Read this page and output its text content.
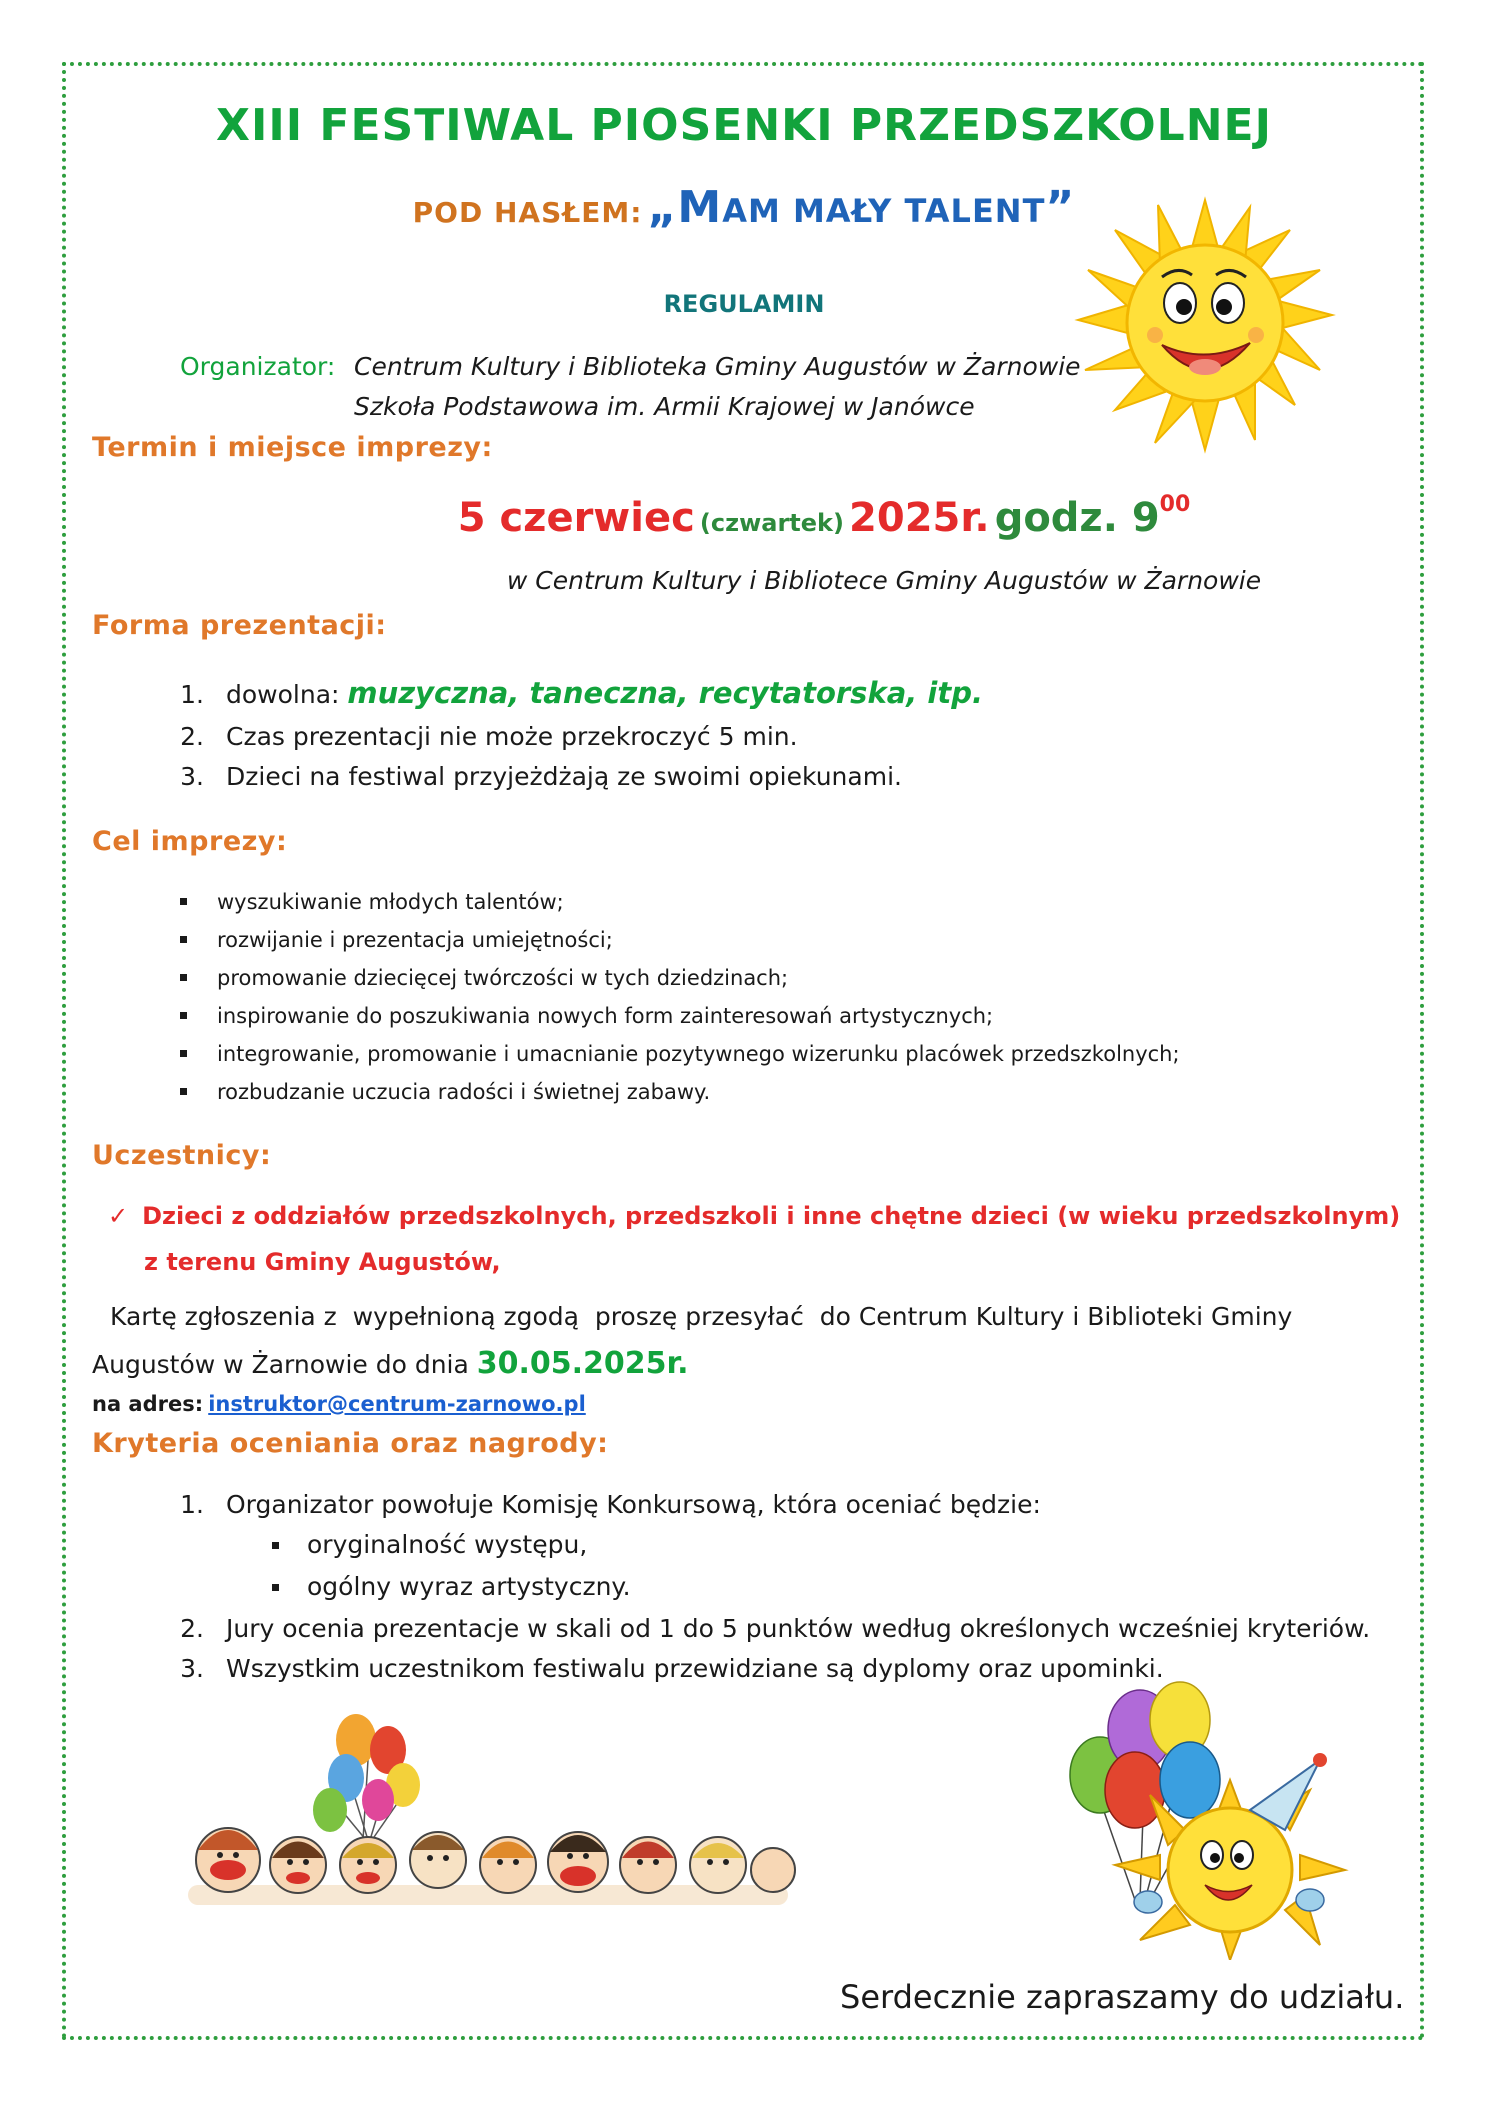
XIII FESTIWAL PIOSENKI PRZEDSZKOLNEJ
POD HASŁEM: „MAM MAŁY TALENT”
REGULAMIN
Organizator: Centrum Kultury i Biblioteka Gminy Augustów w Żarnowie
Szkoła Podstawowa im. Armii Krajowej w Janówce
Termin i miejsce imprezy:
5 czerwiec (czwartek) 2025r. godz. 900
w Centrum Kultury i Bibliotece Gminy Augustów w Żarnowie
Forma prezentacji:
1. dowolna: muzyczna, taneczna, recytatorska, itp.
2. Czas prezentacji nie może przekroczyć 5 min.
3. Dzieci na festiwal przyjeżdżają ze swoimi opiekunami.
Cel imprezy:
wyszukiwanie młodych talentów;
rozwijanie i prezentacja umiejętności;
promowanie dziecięcej twórczości w tych dziedzinach;
inspirowanie do poszukiwania nowych form zainteresowań artystycznych;
integrowanie, promowanie i umacnianie pozytywnego wizerunku placówek przedszkolnych;
rozbudzanie uczucia radości i świetnej zabawy.
Uczestnicy:
✓ Dzieci z oddziałów przedszkolnych, przedszkoli i inne chętne dzieci (w wieku przedszkolnym)
z terenu Gminy Augustów,
Kartę zgłoszenia z  wypełnioną zgodą  proszę przesyłać  do Centrum Kultury i Biblioteki Gminy
Augustów w Żarnowie do dnia 30.05.2025r.
na adres: instruktor@centrum-zarnowo.pl
Kryteria oceniania oraz nagrody:
1. Organizator powołuje Komisję Konkursową, która oceniać będzie:
oryginalność występu,
ogólny wyraz artystyczny.
2. Jury ocenia prezentacje w skali od 1 do 5 punktów według określonych wcześniej kryteriów.
3. Wszystkim uczestnikom festiwalu przewidziane są dyplomy oraz upominki.
Serdecznie zapraszamy do udziału.
